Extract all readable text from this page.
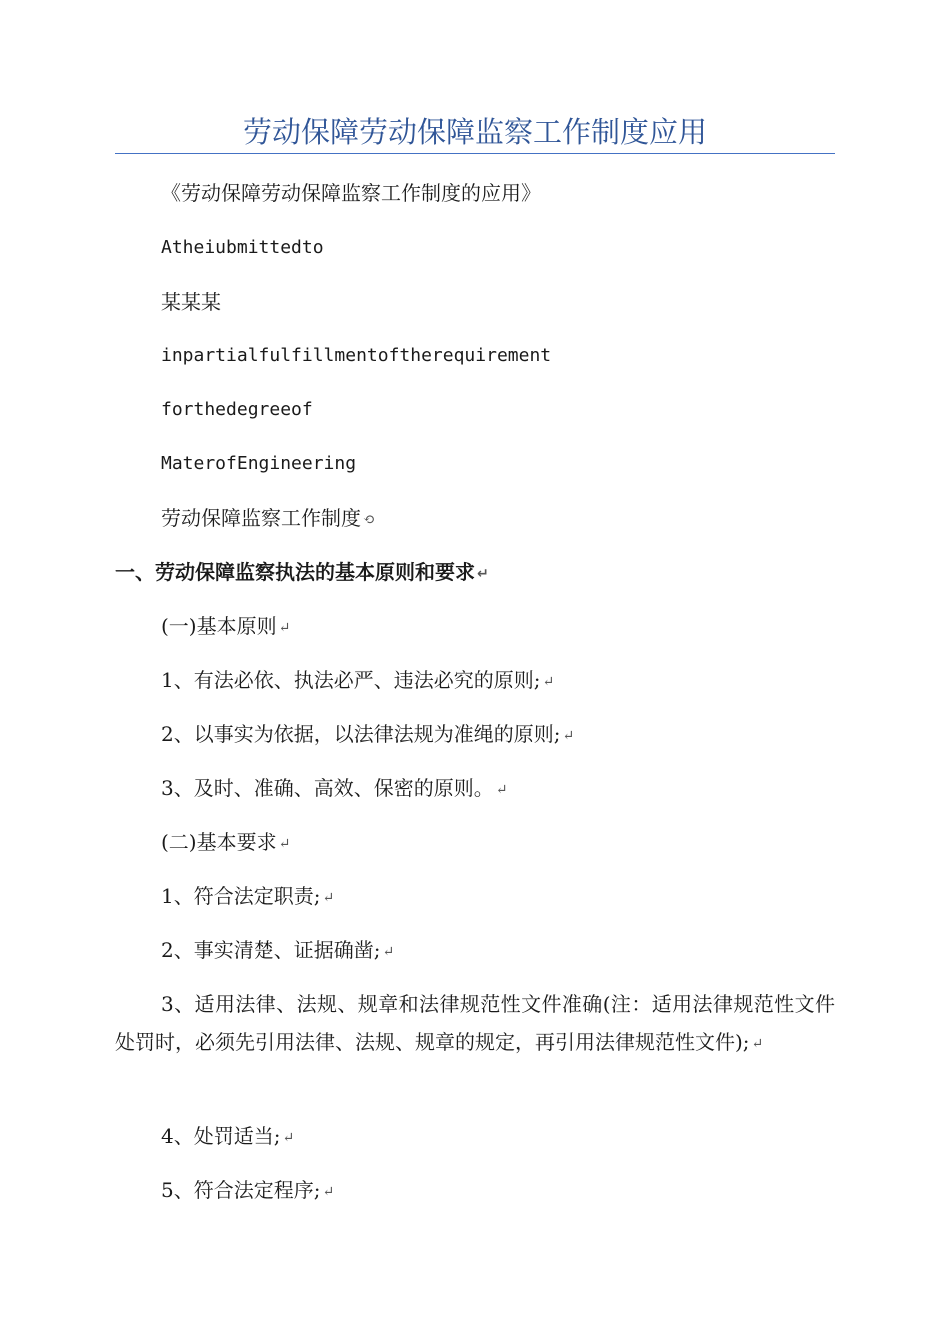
劳动保障劳动保障监察工作制度应用
《劳动保障劳动保障监察工作制度的应用》
Atheiubmittedto
某某某
inpartialfulfillmentoftherequirement
forthedegreeof
MaterofEngineering
劳动保障监察工作制度 ⟲
一、劳动保障监察执法的基本原则和要求 ↵
(一)基本原则 ↵
1、有法必依、执法必严、违法必究的原则; ↵
2、以事实为依据，以法律法规为准绳的原则; ↵
3、及时、准确、高效、保密的原则。 ↵
(二)基本要求 ↵
1、符合法定职责; ↵
2、事实清楚、证据确凿; ↵
3、适用法律、法规、规章和法律规范性文件准确(注：适用法律规范性文件处罚时，必须先引用法律、法规、规章的规定，再引用法律规范性文件); ↵
4、处罚适当; ↵
5、符合法定程序; ↵
